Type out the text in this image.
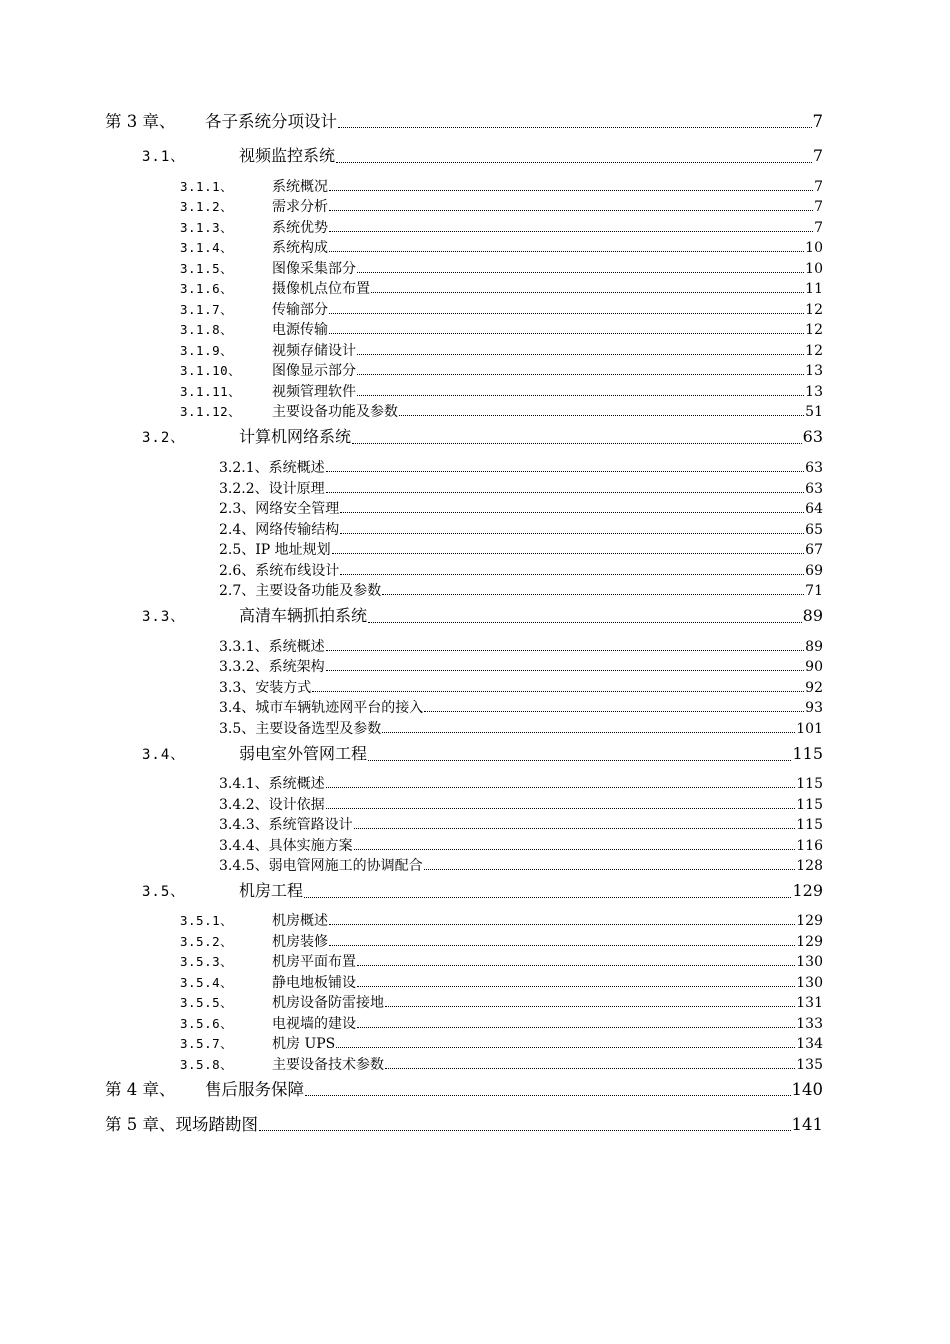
第 3 章、	各子系统分项设计	7
3.1、	视频监控系统	7
3.1.1、	系统概况	7
3.1.2、	需求分析	7
3.1.3、	系统优势	7
3.1.4、	系统构成	10
3.1.5、	图像采集部分	10
3.1.6、	摄像机点位布置	11
3.1.7、	传输部分	12
3.1.8、	电源传输	12
3.1.9、	视频存储设计	12
3.1.10、	图像显示部分	13
3.1.11、	视频管理软件	13
3.1.12、	主要设备功能及参数	51
3.2、	计算机网络系统	63
3.2.1、系统概述	63
3.2.2、设计原理	63
2.3、网络安全管理	64
2.4、网络传输结构	65
2.5、IP 地址规划	67
2.6、系统布线设计	69
2.7、主要设备功能及参数	71
3.3、	高清车辆抓拍系统	89
3.3.1、系统概述	89
3.3.2、系统架构	90
3.3、安装方式	92
3.4、城市车辆轨迹网平台的接入	93
3.5、主要设备选型及参数	101
3.4、	弱电室外管网工程	115
3.4.1、系统概述	115
3.4.2、设计依据	115
3.4.3、系统管路设计	115
3.4.4、具体实施方案	116
3.4.5、弱电管网施工的协调配合	128
3.5、	机房工程	129
3.5.1、	机房概述	129
3.5.2、	机房装修	129
3.5.3、	机房平面布置	130
3.5.4、	静电地板铺设	130
3.5.5、	机房设备防雷接地	131
3.5.6、	电视墙的建设	133
3.5.7、	机房 UPS	134
3.5.8、	主要设备技术参数	135
第 4 章、	售后服务保障	140
第 5 章、现场踏勘图	141
